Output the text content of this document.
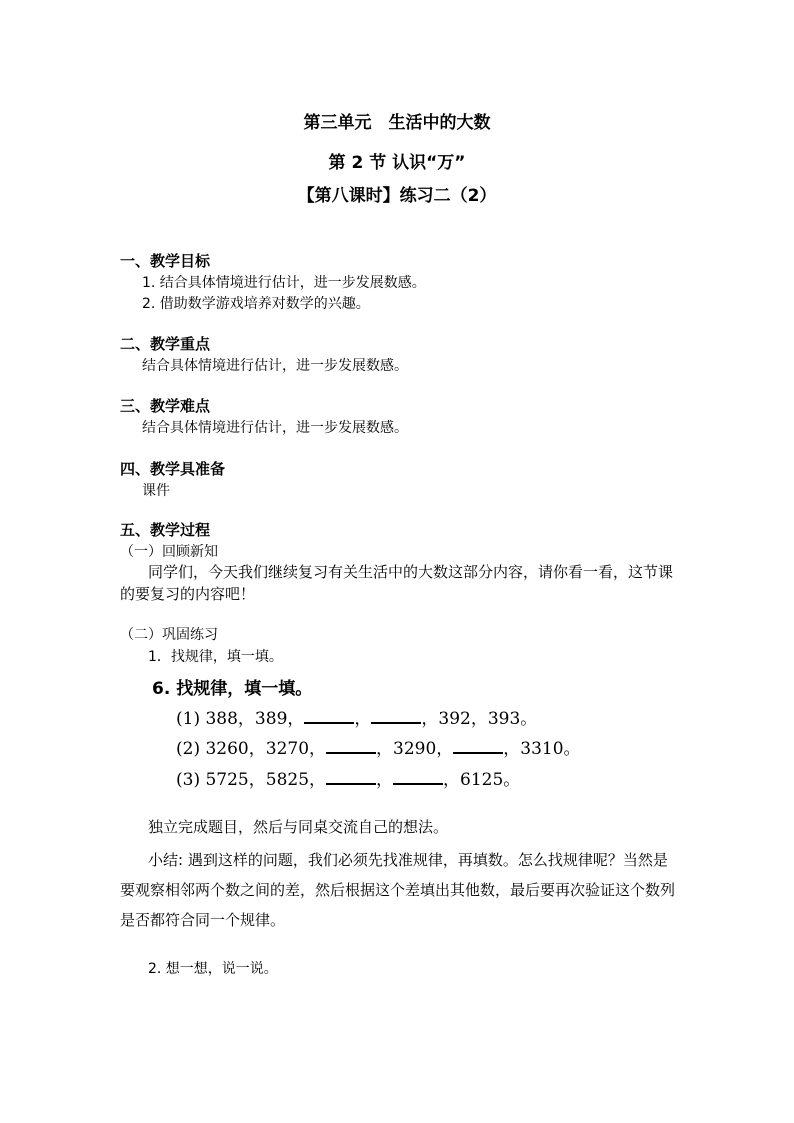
第三单元　生活中的大数
第 2 节 认识“万”
【第八课时】练习二（2）
一、教学目标
1. 结合具体情境进行估计，进一步发展数感。
2. 借助数学游戏培养对数学的兴趣。
二、教学重点
结合具体情境进行估计，进一步发展数感。
三、教学难点
结合具体情境进行估计，进一步发展数感。
四、教学具准备
课件
五、教学过程
（一）回顾新知
同学们，今天我们继续复习有关生活中的大数这部分内容，请你看一看，这节课的要复习的内容吧！
（二）巩固练习
1．找规律，填一填。
6. 找规律，填一填。
(1) 388，389，	，	，392，393。
(2) 3260，3270，	，3290，	，3310。
(3) 5725，5825，	，	，6125。
独立完成题目，然后与同桌交流自己的想法。
小结: 遇到这样的问题，我们必须先找准规律，再填数。怎么找规律呢？当然是要观察相邻两个数之间的差，然后根据这个差填出其他数，最后要再次验证这个数列是否都符合同一个规律。
2. 想一想，说一说。
